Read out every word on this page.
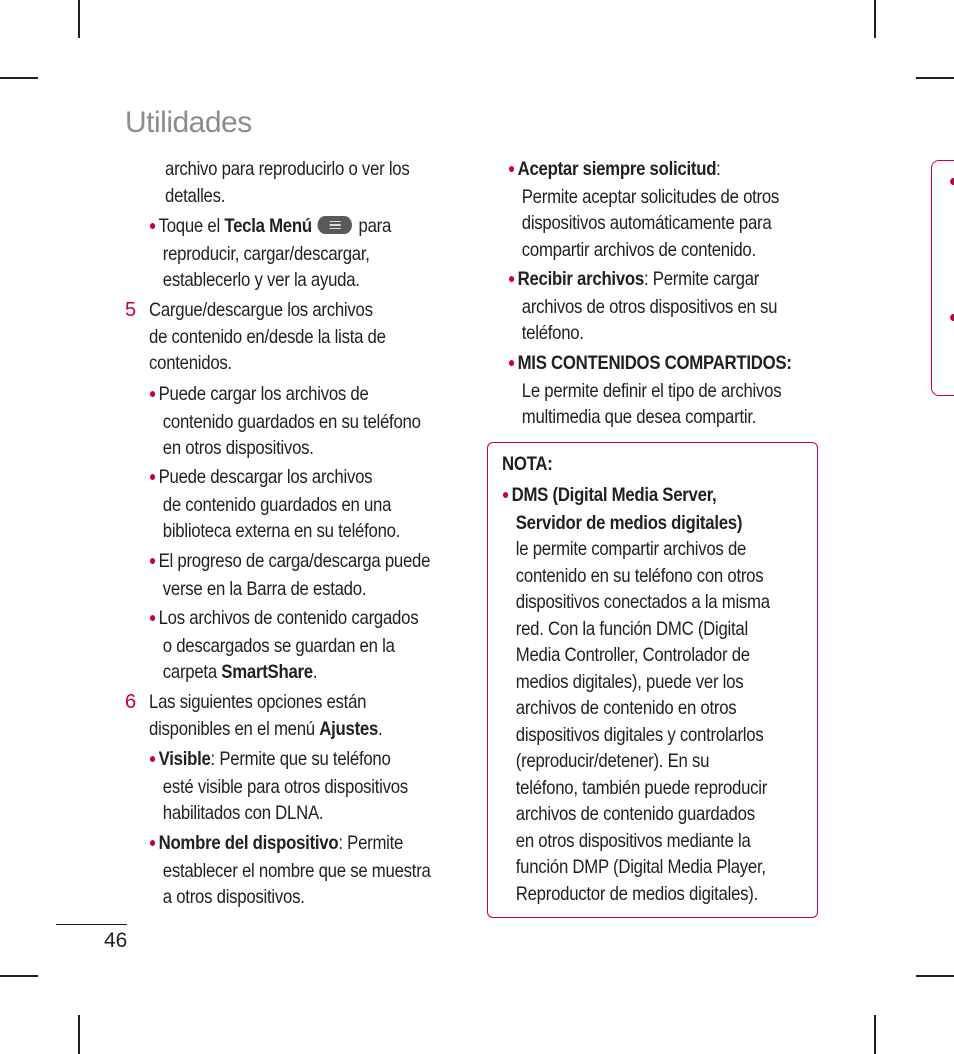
Utilidades
archivo para reproducirlo o ver los
detalles.
● Toque el Tecla Menú
para
reproducir, cargar/descargar,
establecerlo y ver la ayuda.
5 Cargue/descargue los archivos
de contenido en/desde la lista de
contenidos.
● Puede cargar los archivos de
contenido guardados en su teléfono
en otros dispositivos.
● Puede descargar los archivos
de contenido guardados en una
biblioteca externa en su teléfono.
● El progreso de carga/descarga puede
verse en la Barra de estado.
● Los archivos de contenido cargados
o descargados se guardan en la
carpeta SmartShare.
6 Las siguientes opciones están
disponibles en el menú Ajustes.
● Visible: Permite que su teléfono
esté visible para otros dispositivos
habilitados con DLNA.
● Nombre del dispositivo: Permite
establecer el nombre que se muestra
a otros dispositivos.
46
● Aceptar siempre solicitud:
Permite aceptar solicitudes de otros
dispositivos automáticamente para
compartir archivos de contenido.
● Recibir archivos: Permite cargar
archivos de otros dispositivos en su
teléfono.
● MIS CONTENIDOS COMPARTIDOS:
Le permite definir el tipo de archivos
multimedia que desea compartir.
NOTA:
● DMS (Digital Media Server,
Servidor de medios digitales)
le permite compartir archivos de
contenido en su teléfono con otros
dispositivos conectados a la misma
red. Con la función DMC (Digital
Media Controller, Controlador de
medios digitales), puede ver los
archivos de contenido en otros
dispositivos digitales y controlarlos
(reproducir/detener). En su
teléfono, también puede reproducir
archivos de contenido guardados
en otros dispositivos mediante la
función DMP (Digital Media Player,
Reproductor de medios digitales).
